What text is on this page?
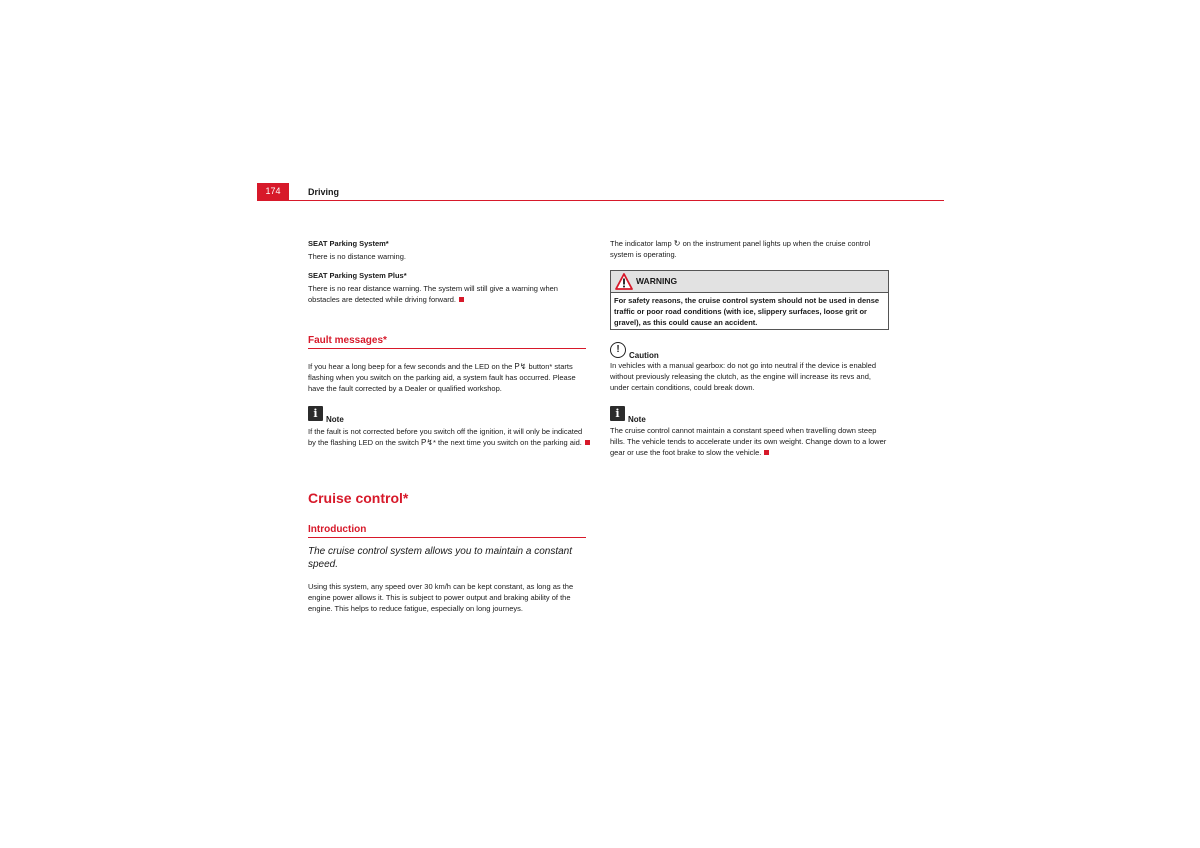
174	Driving
SEAT Parking System*
There is no distance warning.
SEAT Parking System Plus*
There is no rear distance warning. The system will still give a warning when obstacles are detected while driving forward.
Fault messages*
If you hear a long beep for a few seconds and the LED on the P↯ button* starts flashing when you switch on the parking aid, a system fault has occurred. Please have the fault corrected by a Dealer or qualified workshop.
i $_{Note}$
If the fault is not corrected before you switch off the ignition, it will only be indicated by the flashing LED on the switch P↯* the next time you switch on the parking aid.
Cruise control*
Introduction
The cruise control system allows you to maintain a constant speed.
Using this system, any speed over 30 km/h can be kept constant, as long as the engine power allows it. This is subject to power output and braking ability of the engine. This helps to reduce fatigue, especially on long journeys.
The indicator lamp ↻ on the instrument panel lights up when the cruise control system is operating.
WARNING
For safety reasons, the cruise control system should not be used in dense traffic or poor road conditions (with ice, slippery surfaces, loose grit or gravel), as this could cause an accident.
$!_{Caution}$
In vehicles with a manual gearbox: do not go into neutral if the device is enabled without previously releasing the clutch, as the engine will increase its revs and, under certain conditions, could break down.
i $_{Note}$
The cruise control cannot maintain a constant speed when travelling down steep hills. The vehicle tends to accelerate under its own weight. Change down to a lower gear or use the foot brake to slow the vehicle.
